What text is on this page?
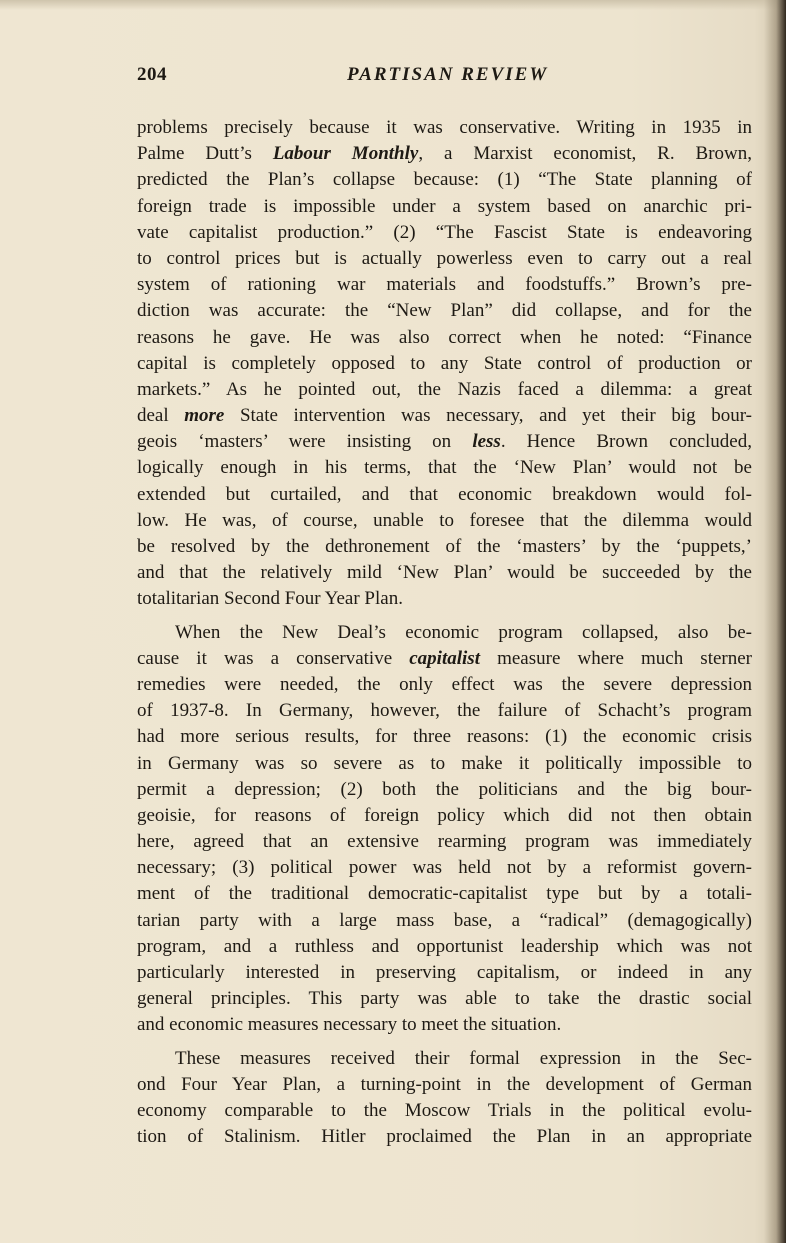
204	PARTISAN REVIEW
problems precisely because it was conservative. Writing in 1935 in
Palme Dutt’s Labour Monthly, a Marxist economist, R. Brown,
predicted the Plan’s collapse because: (1) “The State planning of
foreign trade is impossible under a system based on anarchic pri-
vate capitalist production.” (2) “The Fascist State is endeavoring
to control prices but is actually powerless even to carry out a real
system of rationing war materials and foodstuffs.” Brown’s pre-
diction was accurate: the “New Plan” did collapse, and for the
reasons he gave. He was also correct when he noted: “Finance
capital is completely opposed to any State control of production or
markets.” As he pointed out, the Nazis faced a dilemma: a great
deal more State intervention was necessary, and yet their big bour-
geois ‘masters’ were insisting on less. Hence Brown concluded,
logically enough in his terms, that the ‘New Plan’ would not be
extended but curtailed, and that economic breakdown would fol-
low. He was, of course, unable to foresee that the dilemma would
be resolved by the dethronement of the ‘masters’ by the ‘puppets,’
and that the relatively mild ‘New Plan’ would be succeeded by the
totalitarian Second Four Year Plan.
When the New Deal’s economic program collapsed, also be-
cause it was a conservative capitalist measure where much sterner
remedies were needed, the only effect was the severe depression
of 1937-8. In Germany, however, the failure of Schacht’s program
had more serious results, for three reasons: (1) the economic crisis
in Germany was so severe as to make it politically impossible to
permit a depression; (2) both the politicians and the big bour-
geoisie, for reasons of foreign policy which did not then obtain
here, agreed that an extensive rearming program was immediately
necessary; (3) political power was held not by a reformist govern-
ment of the traditional democratic-capitalist type but by a totali-
tarian party with a large mass base, a “radical” (demagogically)
program, and a ruthless and opportunist leadership which was not
particularly interested in preserving capitalism, or indeed in any
general principles. This party was able to take the drastic social
and economic measures necessary to meet the situation.
These measures received their formal expression in the Sec-
ond Four Year Plan, a turning-point in the development of German
economy comparable to the Moscow Trials in the political evolu-
tion of Stalinism. Hitler proclaimed the Plan in an appropriate
